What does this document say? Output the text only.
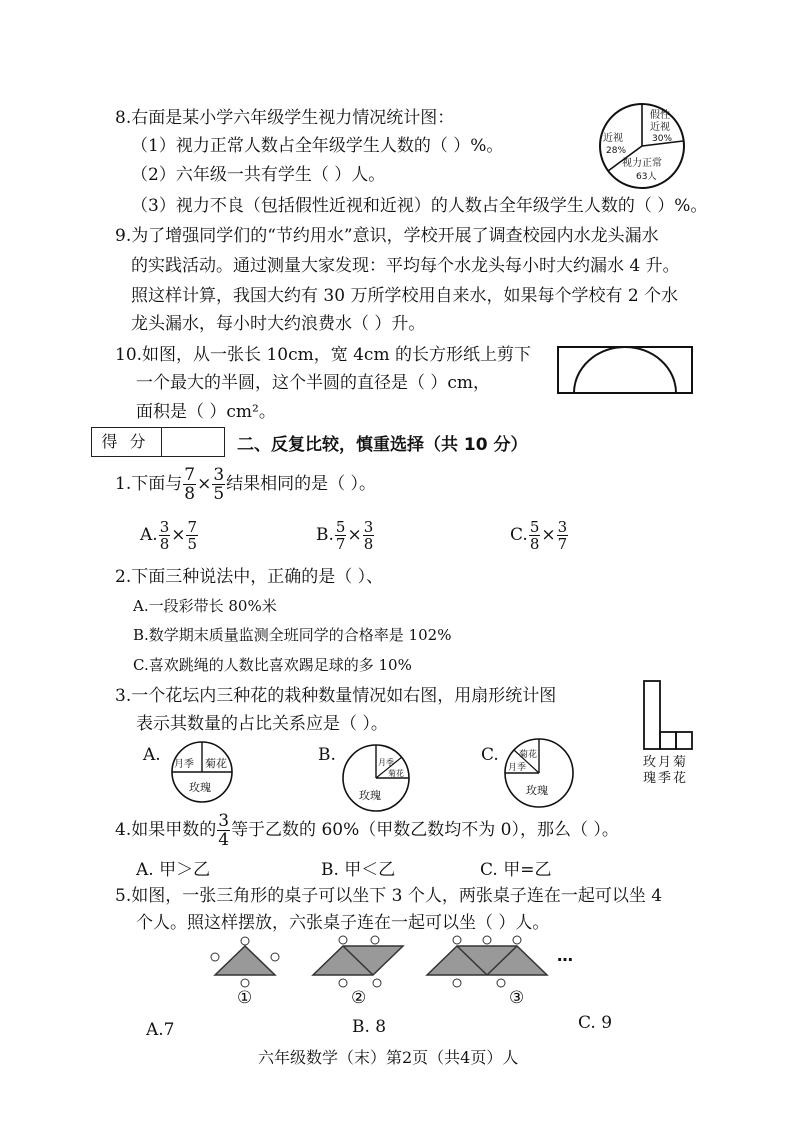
8.右面是某小学六年级学生视力情况统计图：
（1）视力正常人数占全年级学生人数的（ ）%。
（2）六年级一共有学生（ ）人。
（3）视力不良（包括假性近视和近视）的人数占全年级学生人数的（ ）%。
假性
近视
30%
近视
28%
视力正常
63人
9.为了增强同学们的“节约用水”意识，学校开展了调查校园内水龙头漏水
的实践活动。通过测量大家发现：平均每个水龙头每小时大约漏水 4 升。
照这样计算，我国大约有 30 万所学校用自来水，如果每个学校有 2 个水
龙头漏水，每小时大约浪费水（ ）升。
10.如图，从一张长 10cm，宽 4cm 的长方形纸上剪下
一个最大的半圆，这个半圆的直径是（ ）cm，
面积是（ ）cm²。
得分	二、反复比较，慎重选择（共 10 分）
1.下面与 $\frac{7}{8} \times \frac{3}{5}$ 结果相同的是（ ）。
A. $\frac{3}{8} \times \frac{7}{5}$	B. $\frac{5}{7} \times \frac{3}{8}$	C. $\frac{5}{8} \times \frac{3}{7}$
2.下面三种说法中，正确的是（ ）、
A.一段彩带长 80%米
B.数学期末质量监测全班同学的合格率是 102%
C.喜欢跳绳的人数比喜欢踢足球的多 10%
3.一个花坛内三种花的栽种数量情况如右图，用扇形统计图
表示其数量的占比关系应是（ ）。
玫月菊
瑰季花
A. 月季 菊花
玫瑰
B.	月季
菊花
玫瑰
C. 菊花
月季
玫瑰
4.如果甲数的 $\frac{3}{4}$ 等于乙数的 60%（甲数乙数均不为 0），那么（ ）。
A. 甲＞乙	B. 甲＜乙	C. 甲=乙
5.如图，一张三角形的桌子可以坐下 3 个人，两张桌子连在一起可以坐 4
个人。照这样摆放，六张桌子连在一起可以坐（ ）人。
①	②	③
…
A.7	B. 8	C. 9
六年级数学（末）第2页（共4页）人
